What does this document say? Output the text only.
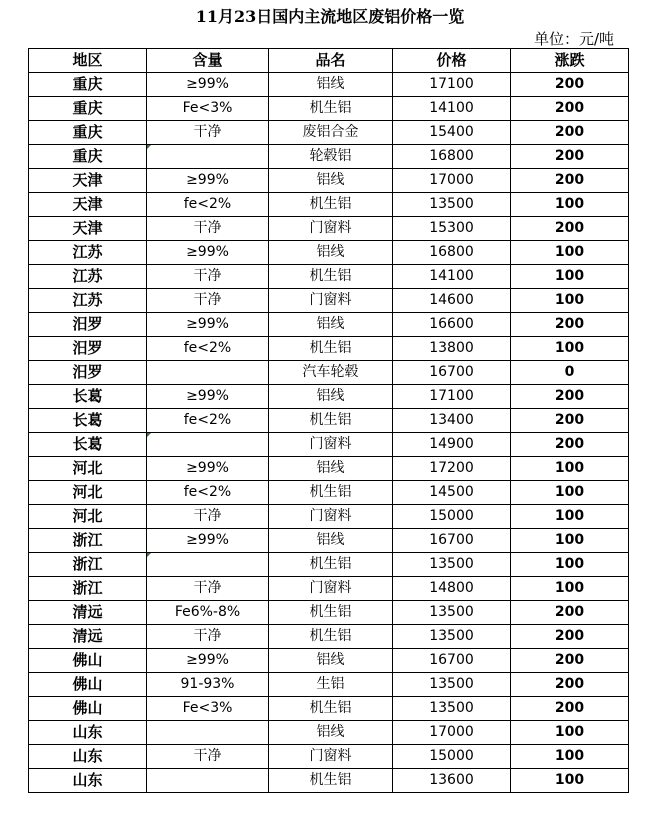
11月23日国内主流地区废铝价格一览
单位：元/吨
地区	含量	品名	价格	涨跌
重庆	≥99%	铝线	17100	200
重庆	Fe<3%	机生铝	14100	200
重庆	干净	废铝合金	15400	200
重庆		轮毂铝	16800	200
天津	≥99%	铝线	17000	200
天津	fe<2%	机生铝	13500	100
天津	干净	门窗料	15300	200
江苏	≥99%	铝线	16800	100
江苏	干净	机生铝	14100	100
江苏	干净	门窗料	14600	100
汨罗	≥99%	铝线	16600	200
汨罗	fe<2%	机生铝	13800	100
汨罗		汽车轮毂	16700	0
长葛	≥99%	铝线	17100	200
长葛	fe<2%	机生铝	13400	200
长葛		门窗料	14900	200
河北	≥99%	铝线	17200	100
河北	fe<2%	机生铝	14500	100
河北	干净	门窗料	15000	100
浙江	≥99%	铝线	16700	100
浙江		机生铝	13500	100
浙江	干净	门窗料	14800	100
清远	Fe6%-8%	机生铝	13500	200
清远	干净	机生铝	13500	200
佛山	≥99%	铝线	16700	200
佛山	91-93%	生铝	13500	200
佛山	Fe<3%	机生铝	13500	200
山东		铝线	17000	100
山东	干净	门窗料	15000	100
山东		机生铝	13600	100
